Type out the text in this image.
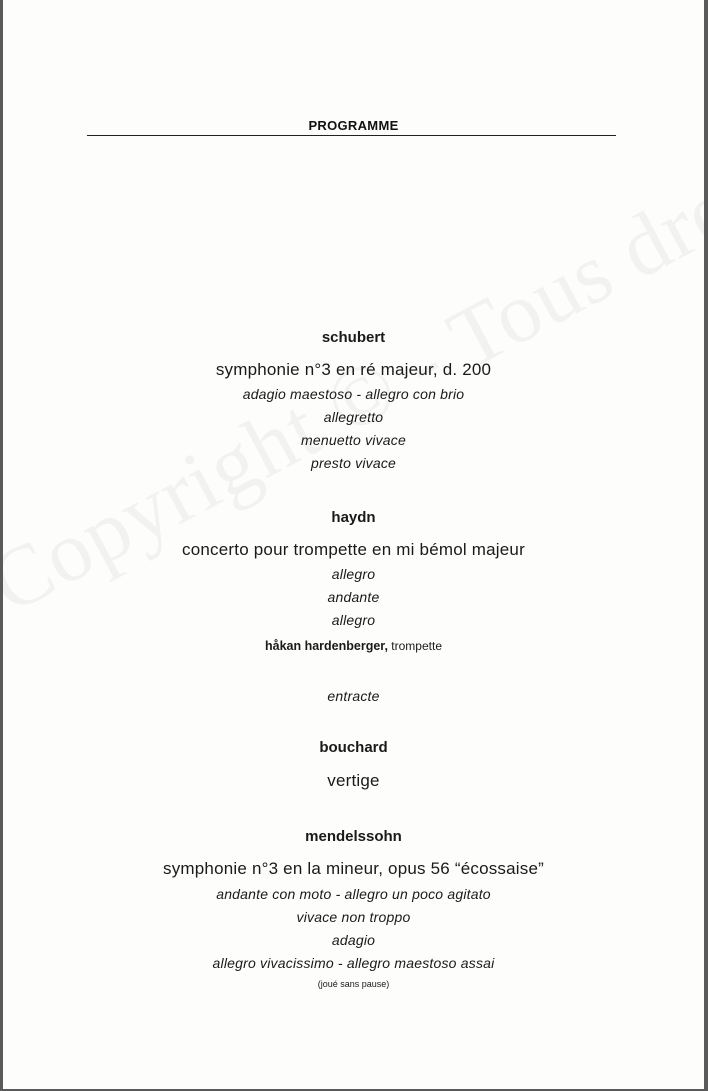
PROGRAMME
schubert
symphonie n°3 en ré majeur, d. 200
adagio maestoso - allegro con brio
allegretto
menuetto vivace
presto vivace
haydn
concerto pour trompette en mi bémol majeur
allegro
andante
allegro
håkan hardenberger, trompette
entracte
bouchard
vertige
mendelssohn
symphonie n°3 en la mineur, opus 56 “écossaise”
andante con moto - allegro un poco agitato
vivace non troppo
adagio
allegro vivacissimo - allegro maestoso assai
(joué sans pause)
